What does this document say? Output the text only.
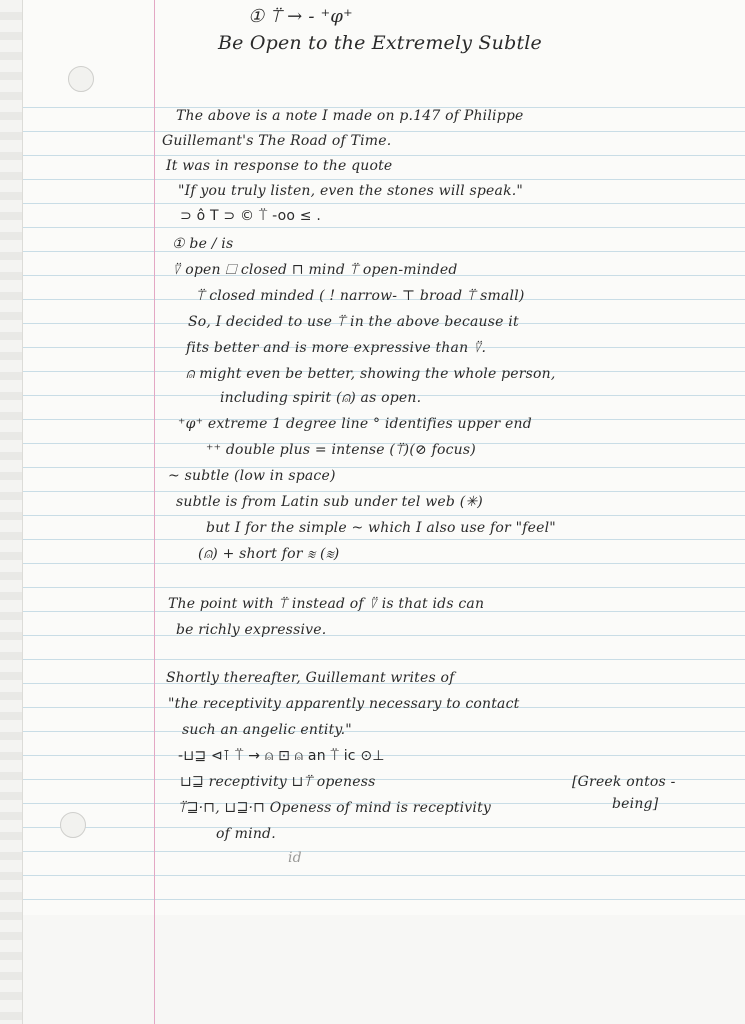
① ⍡ → - ⁺φ⁺
Be Open to the Extremely Subtle
The above is a note I made on p.147 of Philippe
Guillemant's The Road of Time.
It was in response to the quote
"If you truly listen, even the stones will speak."
⊃ ô T ⊃ © ⍡ -oo ≤ .
① be / is
⍢ open ☐ closed ⊓ mind ⍡ open-minded
⍡ closed minded ( ! narrow- ⊤ broad ⍡ small)
So, I decided to use ⍡ in the above because it
fits better and is more expressive than ⍢.
⍝ might even be better, showing the whole person,
including spirit (⍝) as open.
⁺φ⁺ extreme 1 degree line ° identifies upper end
⁺⁺ double plus = intense (⍡)(⊘ focus)
~ subtle (low in space)
subtle is from Latin sub under tel web (✳)
but I for the simple ~ which I also use for "feel"
(⍝) + short for ≋ (≋)
The point with ⍡ instead of ⍢ is that ids can
be richly expressive.
Shortly thereafter, Guillemant writes of
"the receptivity apparently necessary to contact
such an angelic entity."
-⊔⊒ ⊲⊺ ⍡ → ⍝ ⊡ ⍝ an ⍡ ic ⊙⊥
⊔⊒ receptivity ⊔⍡ openess	[Greek ontos -
being]
⍡⊒·⊓, ⊔⊒·⊓ Openess of mind is receptivity
of mind.
id
